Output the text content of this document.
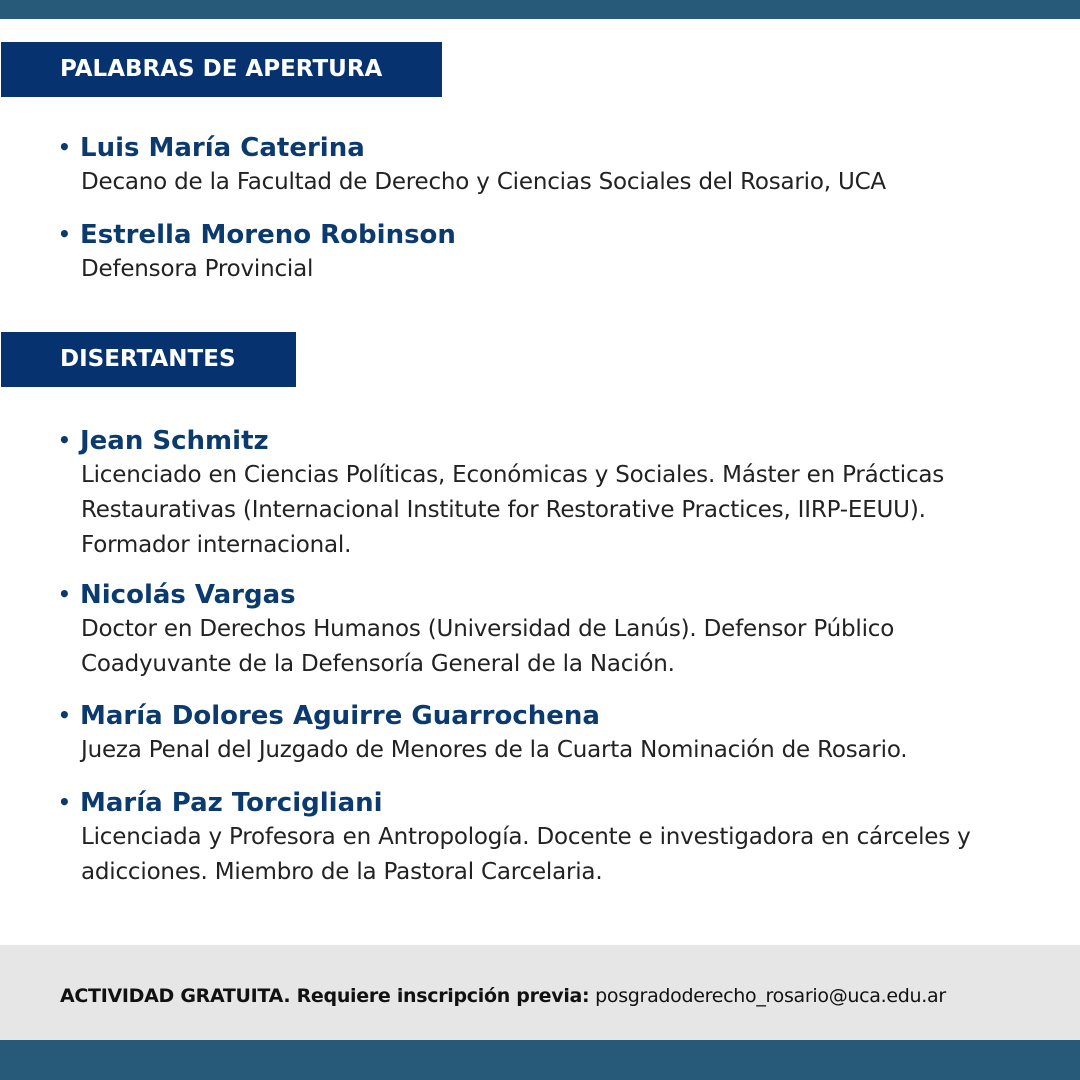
PALABRAS DE APERTURA
• Luis María Caterina
Decano de la Facultad de Derecho y Ciencias Sociales del Rosario, UCA
• Estrella Moreno Robinson
Defensora Provincial
DISERTANTES
• Jean Schmitz
Licenciado en Ciencias Políticas, Económicas y Sociales. Máster en Prácticas Restaurativas (Internacional Institute for Restorative Practices, IIRP-EEUU). Formador internacional.
• Nicolás Vargas
Doctor en Derechos Humanos (Universidad de Lanús). Defensor Público Coadyuvante de la Defensoría General de la Nación.
• María Dolores Aguirre Guarrochena
Jueza Penal del Juzgado de Menores de la Cuarta Nominación de Rosario.
• María Paz Torcigliani
Licenciada y Profesora en Antropología. Docente e investigadora en cárceles y adicciones. Miembro de la Pastoral Carcelaria.
ACTIVIDAD GRATUITA. Requiere inscripción previa: posgradoderecho_rosario@uca.edu.ar
